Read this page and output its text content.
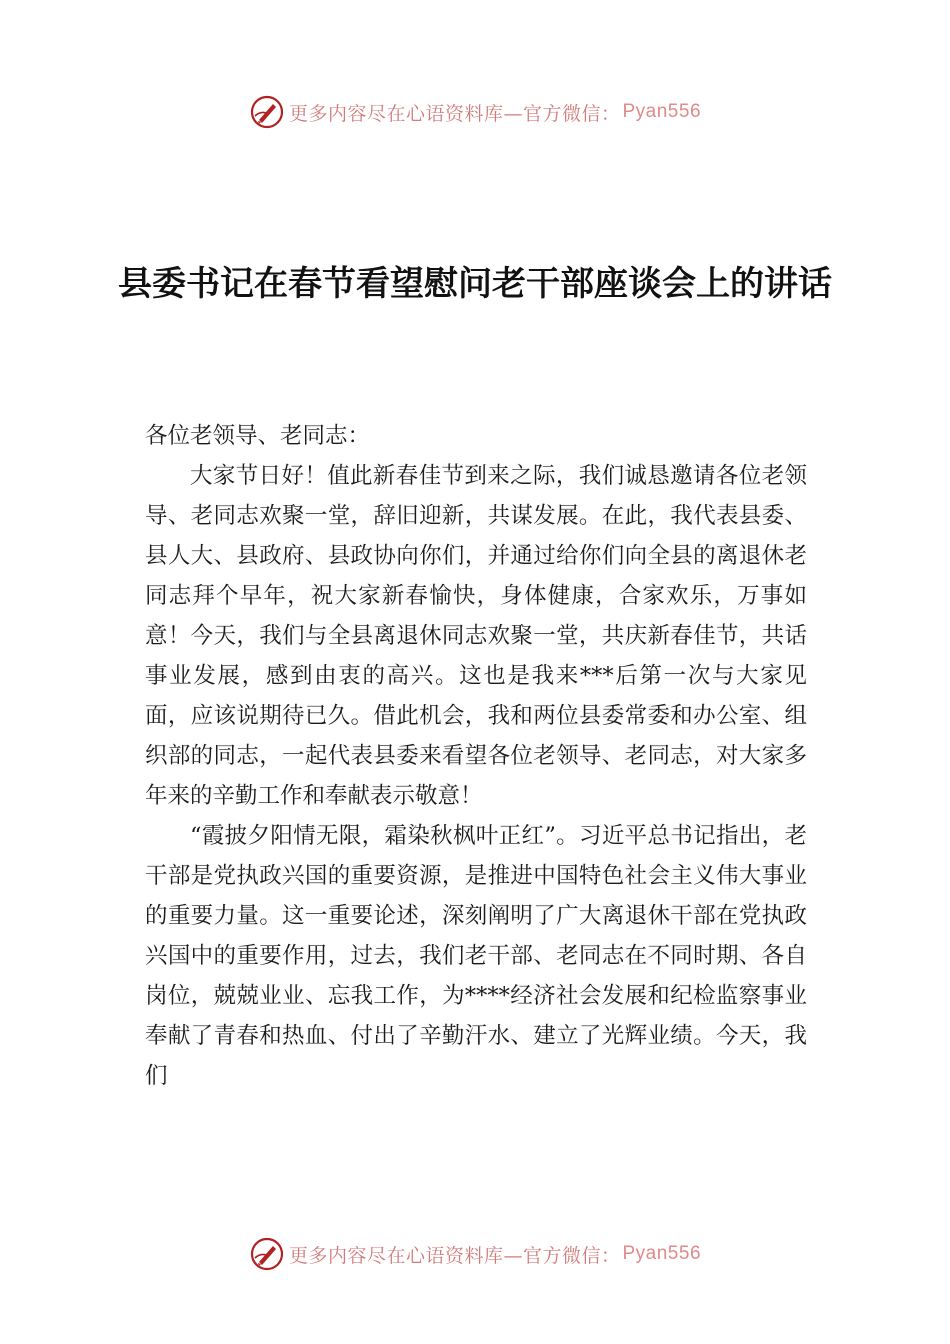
更多内容尽在心语资料库—官方微信： Pyan556
县委书记在春节看望慰问老干部座谈会上的讲话

各位老领导、老同志：

大家节日好！值此新春佳节到来之际，我们诚恳邀请各位老领导、老同志欢聚一堂，辞旧迎新，共谋发展。在此，我代表县委、县人大、县政府、县政协向你们，并通过给你们向全县的离退休老同志拜个早年，祝大家新春愉快，身体健康，合家欢乐，万事如意！今天，我们与全县离退休同志欢聚一堂，共庆新春佳节，共话事业发展，感到由衷的高兴。这也是我来***后第一次与大家见面，应该说期待已久。借此机会，我和两位县委常委和办公室、组织部的同志，一起代表县委来看望各位老领导、老同志，对大家多年来的辛勤工作和奉献表示敬意！

“霞披夕阳情无限，霜染秋枫叶正红”。习近平总书记指出，老干部是党执政兴国的重要资源，是推进中国特色社会主义伟大事业的重要力量。这一重要论述，深刻阐明了广大离退休干部在党执政兴国中的重要作用，过去，我们老干部、老同志在不同时期、各自岗位，兢兢业业、忘我工作，为****经济社会发展和纪检监察事业奉献了青春和热血、付出了辛勤汗水、建立了光辉业绩。今天，我们

更多内容尽在心语资料库—官方微信： Pyan556
